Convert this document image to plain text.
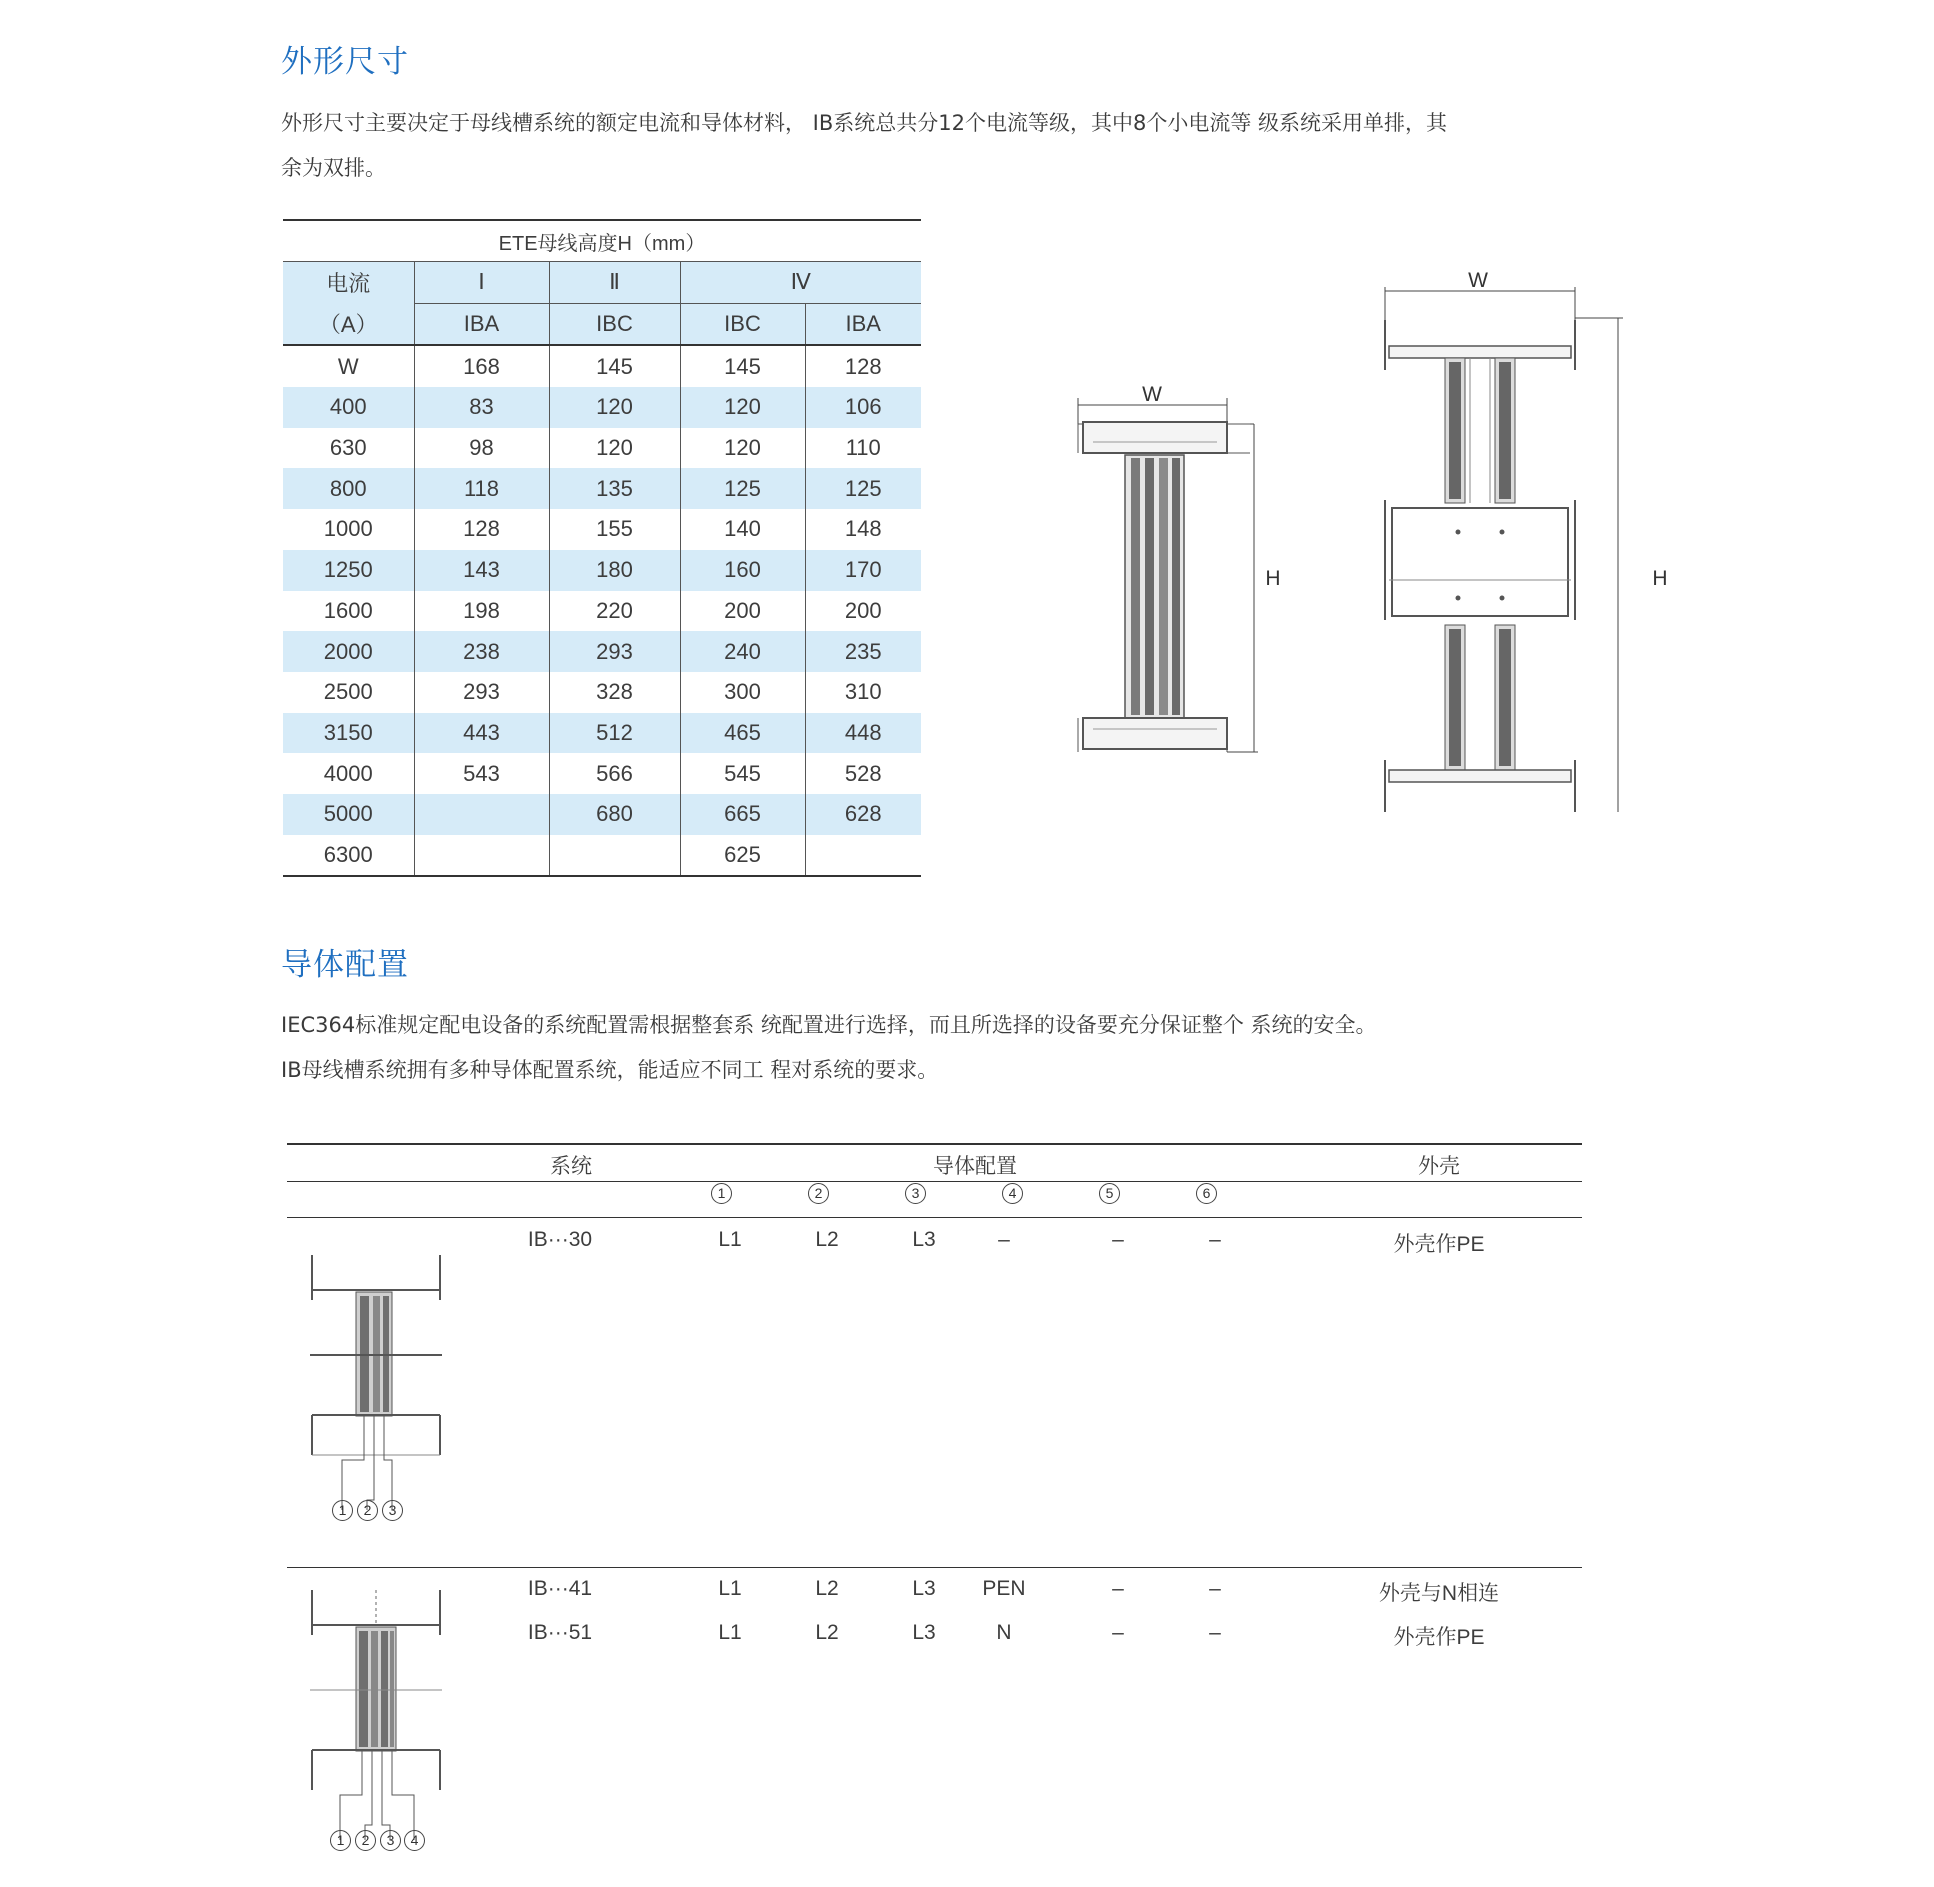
外形尺寸
外形尺寸主要决定于母线槽系统的额定电流和导体材料， IB系统总共分12个电流等级，其中8个小电流等 级系统采用单排，其
余为双排。
ETE母线高度H（mm）				
电流	Ⅰ	Ⅱ	Ⅳ	
（A）	IBA	IBC	IBC	IBA
W	168	145	145	128
400	83	120	120	106
630	98	120	120	110
800	118	135	125	125
1000	128	155	140	148
1250	143	180	160	170
1600	198	220	200	200
2000	238	293	240	235
2500	293	328	300	310
3150	443	512	465	448
4000	543	566	545	528
5000		680	665	628
6300			625	
W
H
W
H
导体配置
IEC364标准规定配电设备的系统配置需根据整套系 统配置进行选择，而且所选择的设备要充分保证整个 系统的安全。
IB母线槽系统拥有多种导体配置系统，能适应不同工 程对系统的要求。
系统	导体配置	外壳
1	2	3	4	5	6
IB···30	L1	L2	L3	–	–	–	外壳作PE
IB···41	L1	L2	L3	PEN	–	–	外壳与N相连
IB···51	L1	L2	L3	N	–	–	外壳作PE
1	2	3
1	2	3	4
